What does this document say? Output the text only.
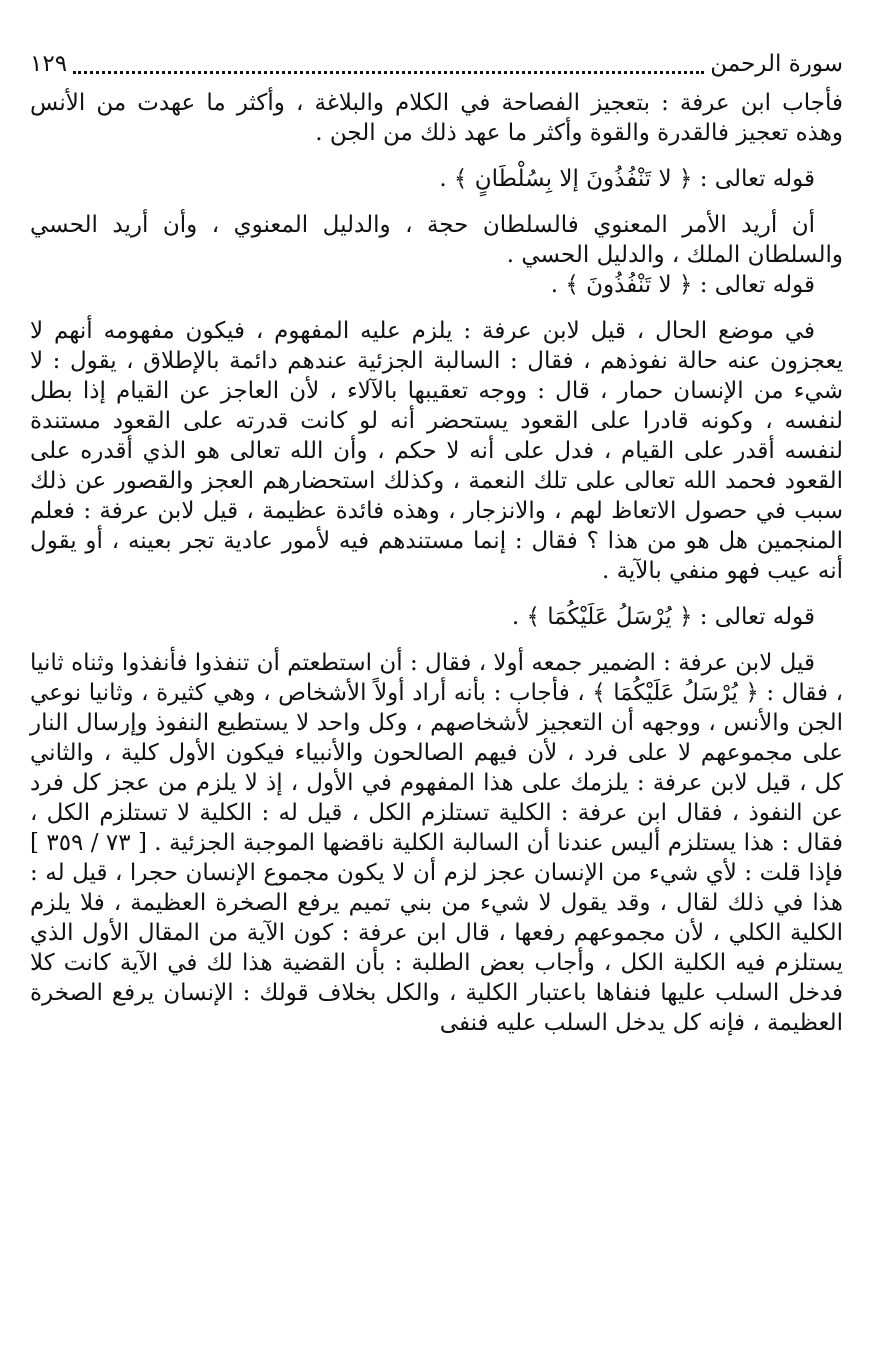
سورة الرحمن
١٢٩

فأجاب ابن عرفة : بتعجيز الفصاحة في الكلام والبلاغة ، وأكثر ما عهدت من الأنس وهذه تعجيز فالقدرة والقوة وأكثر ما عهد ذلك من الجن .

قوله تعالى : ﴿ لا تَنْفُذُونَ إلا بِسُلْطَانٍ ﴾ .

أن أريد الأمر المعنوي فالسلطان حجة ، والدليل المعنوي ، وأن أريد الحسي والسلطان الملك ، والدليل الحسي .

قوله تعالى : ﴿ لا تَنْفُذُونَ ﴾ .

في موضع الحال ، قيل لابن عرفة : يلزم عليه المفهوم ، فيكون مفهومه أنهم لا يعجزون عنه حالة نفوذهم ، فقال : السالبة الجزئية عندهم دائمة بالإطلاق ، يقول : لا شيء من الإنسان حمار ، قال : ووجه تعقيبها بالآلاء ، لأن العاجز عن القيام إذا بطل لنفسه ، وكونه قادرا على القعود يستحضر أنه لو كانت قدرته على القعود مستندة لنفسه أقدر على القيام ، فدل على أنه لا حكم ، وأن الله تعالى هو الذي أقدره على القعود فحمد الله تعالى على تلك النعمة ، وكذلك استحضارهم العجز والقصور عن ذلك سبب في حصول الاتعاظ لهم ، والانزجار ، وهذه فائدة عظيمة ، قيل لابن عرفة : فعلم المنجمين هل هو من هذا ؟ فقال : إنما مستندهم فيه لأمور عادية تجر بعينه ، أو يقول أنه عيب فهو منفي بالآية .

قوله تعالى : ﴿ يُرْسَلُ عَلَيْكُمَا ﴾ .

قيل لابن عرفة : الضمير جمعه أولا ، فقال : أن استطعتم أن تنفذوا فأنفذوا وثناه ثانيا ، فقال : ﴿ يُرْسَلُ عَلَيْكُمَا ﴾ ، فأجاب : بأنه أراد أولاً الأشخاص ، وهي كثيرة ، وثانيا نوعي الجن والأنس ، ووجهه أن التعجيز لأشخاصهم ، وكل واحد لا يستطيع النفوذ وإرسال النار على مجموعهم لا على فرد ، لأن فيهم الصالحون والأنبياء فيكون الأول كلية ، والثاني كل ، قيل لابن عرفة : يلزمك على هذا المفهوم في الأول ، إذ لا يلزم من عجز كل فرد عن النفوذ ، فقال ابن عرفة : الكلية تستلزم الكل ، قيل له : الكلية لا تستلزم الكل ، فقال : هذا يستلزم أليس عندنا أن السالبة الكلية ناقضها الموجبة الجزئية . [ ٧٣ / ٣٥٩ ] فإذا قلت : لأي شيء من الإنسان عجز لزم أن لا يكون مجموع الإنسان حجرا ، قيل له : هذا في ذلك لقال ، وقد يقول لا شيء من بني تميم يرفع الصخرة العظيمة ، فلا يلزم الكلية الكلي ، لأن مجموعهم رفعها ، قال ابن عرفة : كون الآية من المقال الأول الذي يستلزم فيه الكلية الكل ، وأجاب بعض الطلبة : بأن القضية هذا لك في الآية كانت كلا فدخل السلب عليها فنفاها باعتبار الكلية ، والكل بخلاف قولك : الإنسان يرفع الصخرة العظيمة ، فإنه كل يدخل السلب عليه فنفى
